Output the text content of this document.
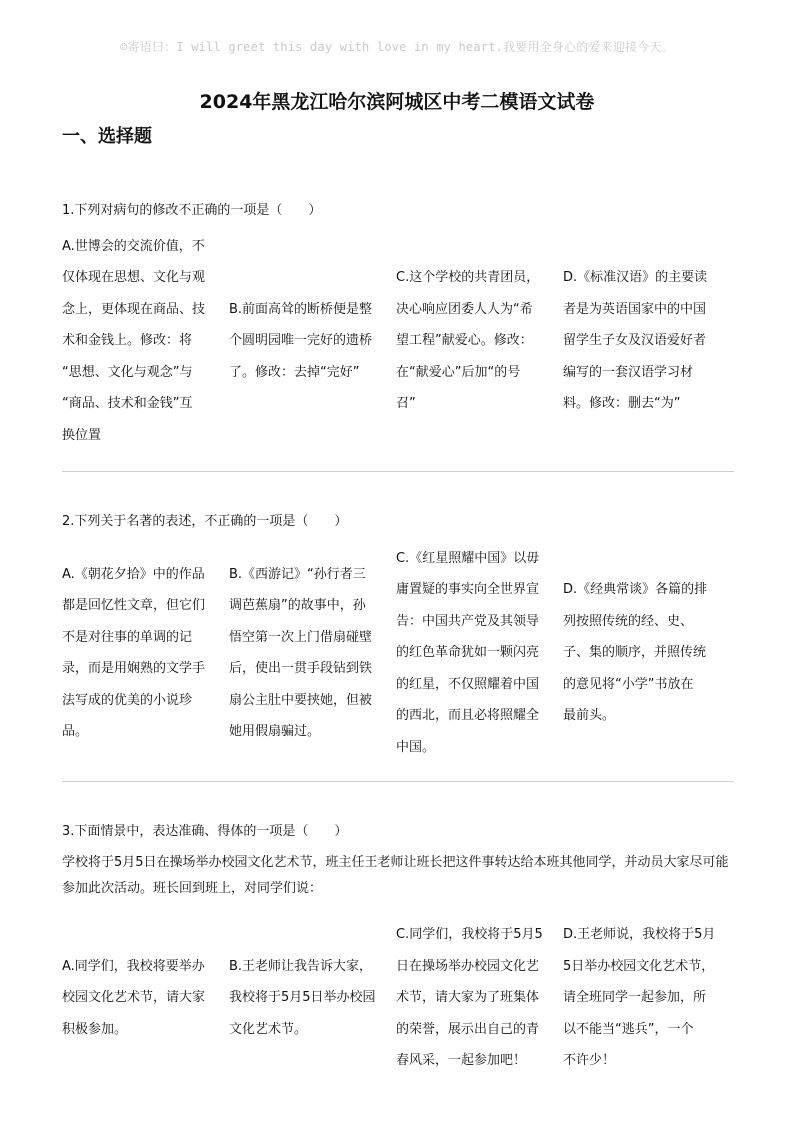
☺寄语曰：I will greet this day with love in my heart.我要用全身心的爱来迎接今天。
2024年黑龙江哈尔滨阿城区中考二模语文试卷
一、选择题
1.下列对病句的修改不正确的一项是（　　）
A.世博会的交流价值，不
仅体现在思想、文化与观
念上，更体现在商品、技
术和金钱上。修改：将
“思想、文化与观念”与
“商品、技术和金钱”互
换位置
B.前面高耸的断桥便是整
个圆明园唯一完好的遗桥
了。修改：去掉“完好”
C.这个学校的共青团员，
决心响应团委人人为“希
望工程”献爱心。修改：
在“献爱心”后加“的号
召”
D.《标准汉语》的主要读
者是为英语国家中的中国
留学生子女及汉语爱好者
编写的一套汉语学习材
料。修改：删去“为”
2.下列关于名著的表述，不正确的一项是（　　）
A.《朝花夕拾》中的作品
都是回忆性文章，但它们
不是对往事的单调的记
录，而是用娴熟的文学手
法写成的优美的小说珍
品。
B.《西游记》“孙行者三
调芭蕉扇”的故事中，孙
悟空第一次上门借扇碰壁
后，使出一贯手段钻到铁
扇公主肚中要挟她，但被
她用假扇骗过。
C.《红星照耀中国》以毋
庸置疑的事实向全世界宣
告：中国共产党及其领导
的红色革命犹如一颗闪亮
的红星，不仅照耀着中国
的西北，而且必将照耀全
中国。
D.《经典常谈》各篇的排
列按照传统的经、史、
子、集的顺序，并照传统
的意见将“小学”书放在
最前头。
3.下面情景中，表达准确、得体的一项是（　　）
学校将于5月5日在操场举办校园文化艺术节，班主任王老师让班长把这件事转达给本班其他同学，并动员大家尽可能参加此次活动。班长回到班上，对同学们说：
A.同学们，我校将要举办
校园文化艺术节，请大家
积极参加。
B.王老师让我告诉大家，
我校将于5月5日举办校园
文化艺术节。
C.同学们，我校将于5月5
日在操场举办校园文化艺
术节，请大家为了班集体
的荣誉，展示出自己的青
春风采，一起参加吧！
D.王老师说，我校将于5月
5日举办校园文化艺术节，
请全班同学一起参加，所
以不能当“逃兵”，一个
不许少！
